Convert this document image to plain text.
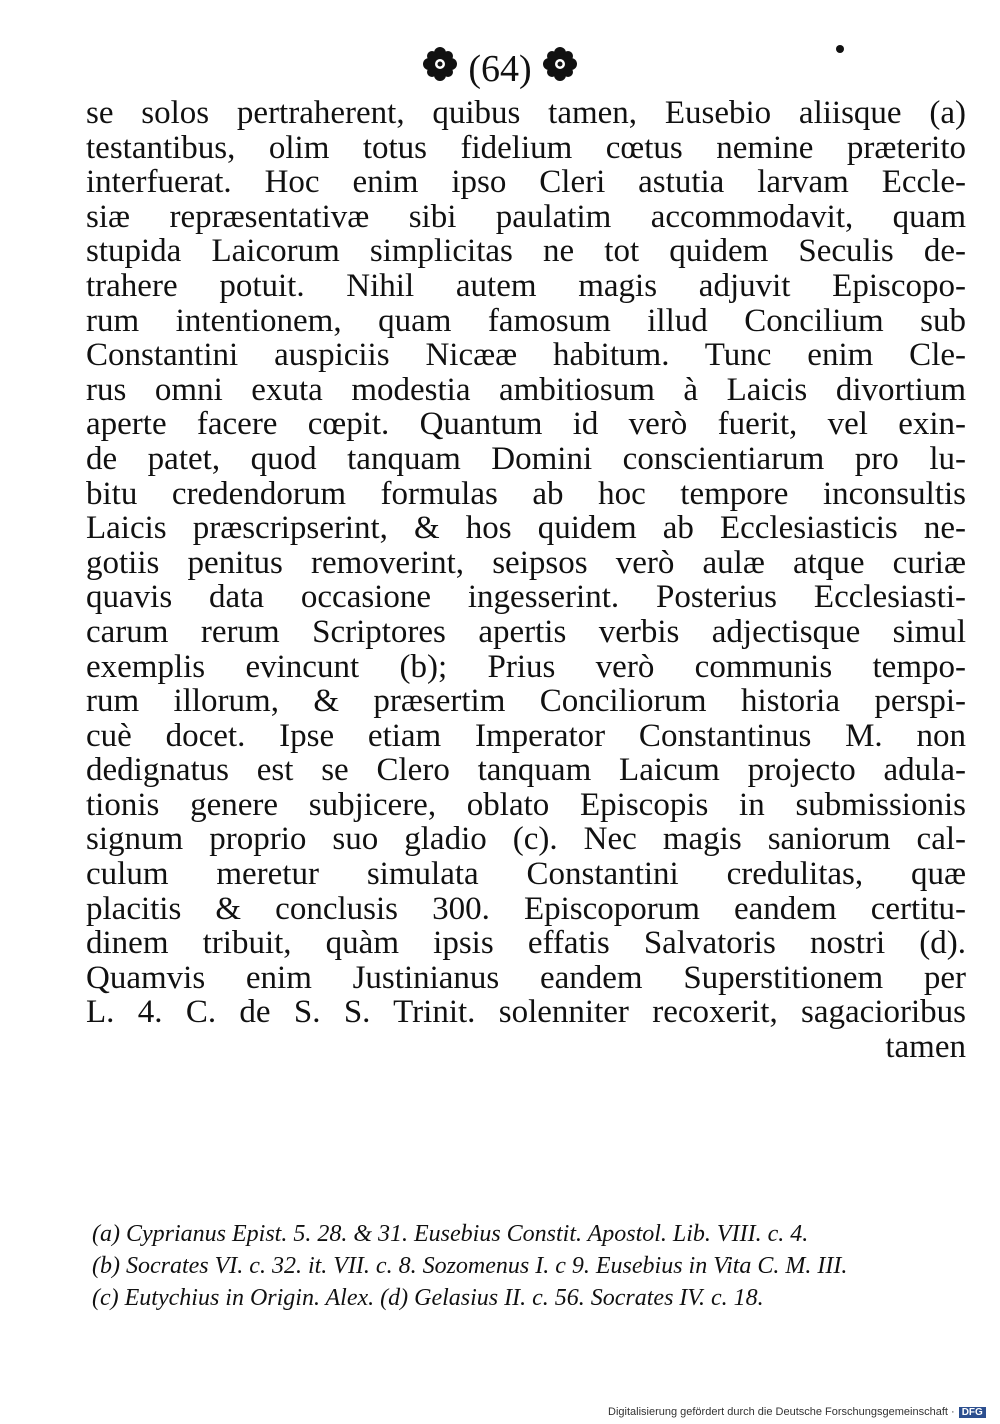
(64)
se solos pertraherent, quibus tamen, Eusebio aliisque (a)
testantibus, olim totus fidelium cœtus nemine præterito
interfuerat. Hoc enim ipso Cleri astutia larvam Eccle-
siæ repræsentativæ sibi paulatim accommodavit, quam
stupida Laicorum simplicitas ne tot quidem Seculis de-
trahere potuit. Nihil autem magis adjuvit Episcopo-
rum intentionem, quam famosum illud Concilium sub
Constantini auspiciis Nicææ habitum. Tunc enim Cle-
rus omni exuta modestia ambitiosum à Laicis divortium
aperte facere cœpit. Quantum id verò fuerit, vel exin-
de patet, quod tanquam Domini conscientiarum pro lu-
bitu credendorum formulas ab hoc tempore inconsultis
Laicis præscripserint, & hos quidem ab Ecclesiasticis ne-
gotiis penitus removerint, seipsos verò aulæ atque curiæ
quavis data occasione ingesserint. Posterius Ecclesiasti-
carum rerum Scriptores apertis verbis adjectisque simul
exemplis evincunt (b); Prius verò communis tempo-
rum illorum, & præsertim Conciliorum historia perspi-
cuè docet. Ipse etiam Imperator Constantinus M. non
dedignatus est se Clero tanquam Laicum projecto adula-
tionis genere subjicere, oblato Episcopis in submissionis
signum proprio suo gladio (c). Nec magis saniorum cal-
culum meretur simulata Constantini credulitas, quæ
placitis & conclusis 300. Episcoporum eandem certitu-
dinem tribuit, quàm ipsis effatis Salvatoris nostri (d).
Quamvis enim Justinianus eandem Superstitionem per
L. 4. C. de S. S. Trinit. solenniter recoxerit, sagacioribus
tamen
(a) Cyprianus Epist. 5. 28. & 31. Eusebius Constit. Apostol. Lib. VIII. c. 4.
(b) Socrates VI. c. 32. it. VII. c. 8. Sozomenus I. c 9. Eusebius in Vita C. M. III.
(c) Eutychius in Origin. Alex. (d) Gelasius II. c. 56. Socrates IV. c. 18.
Digitalisierung gefördert durch die Deutsche Forschungsgemeinschaft · DFG
